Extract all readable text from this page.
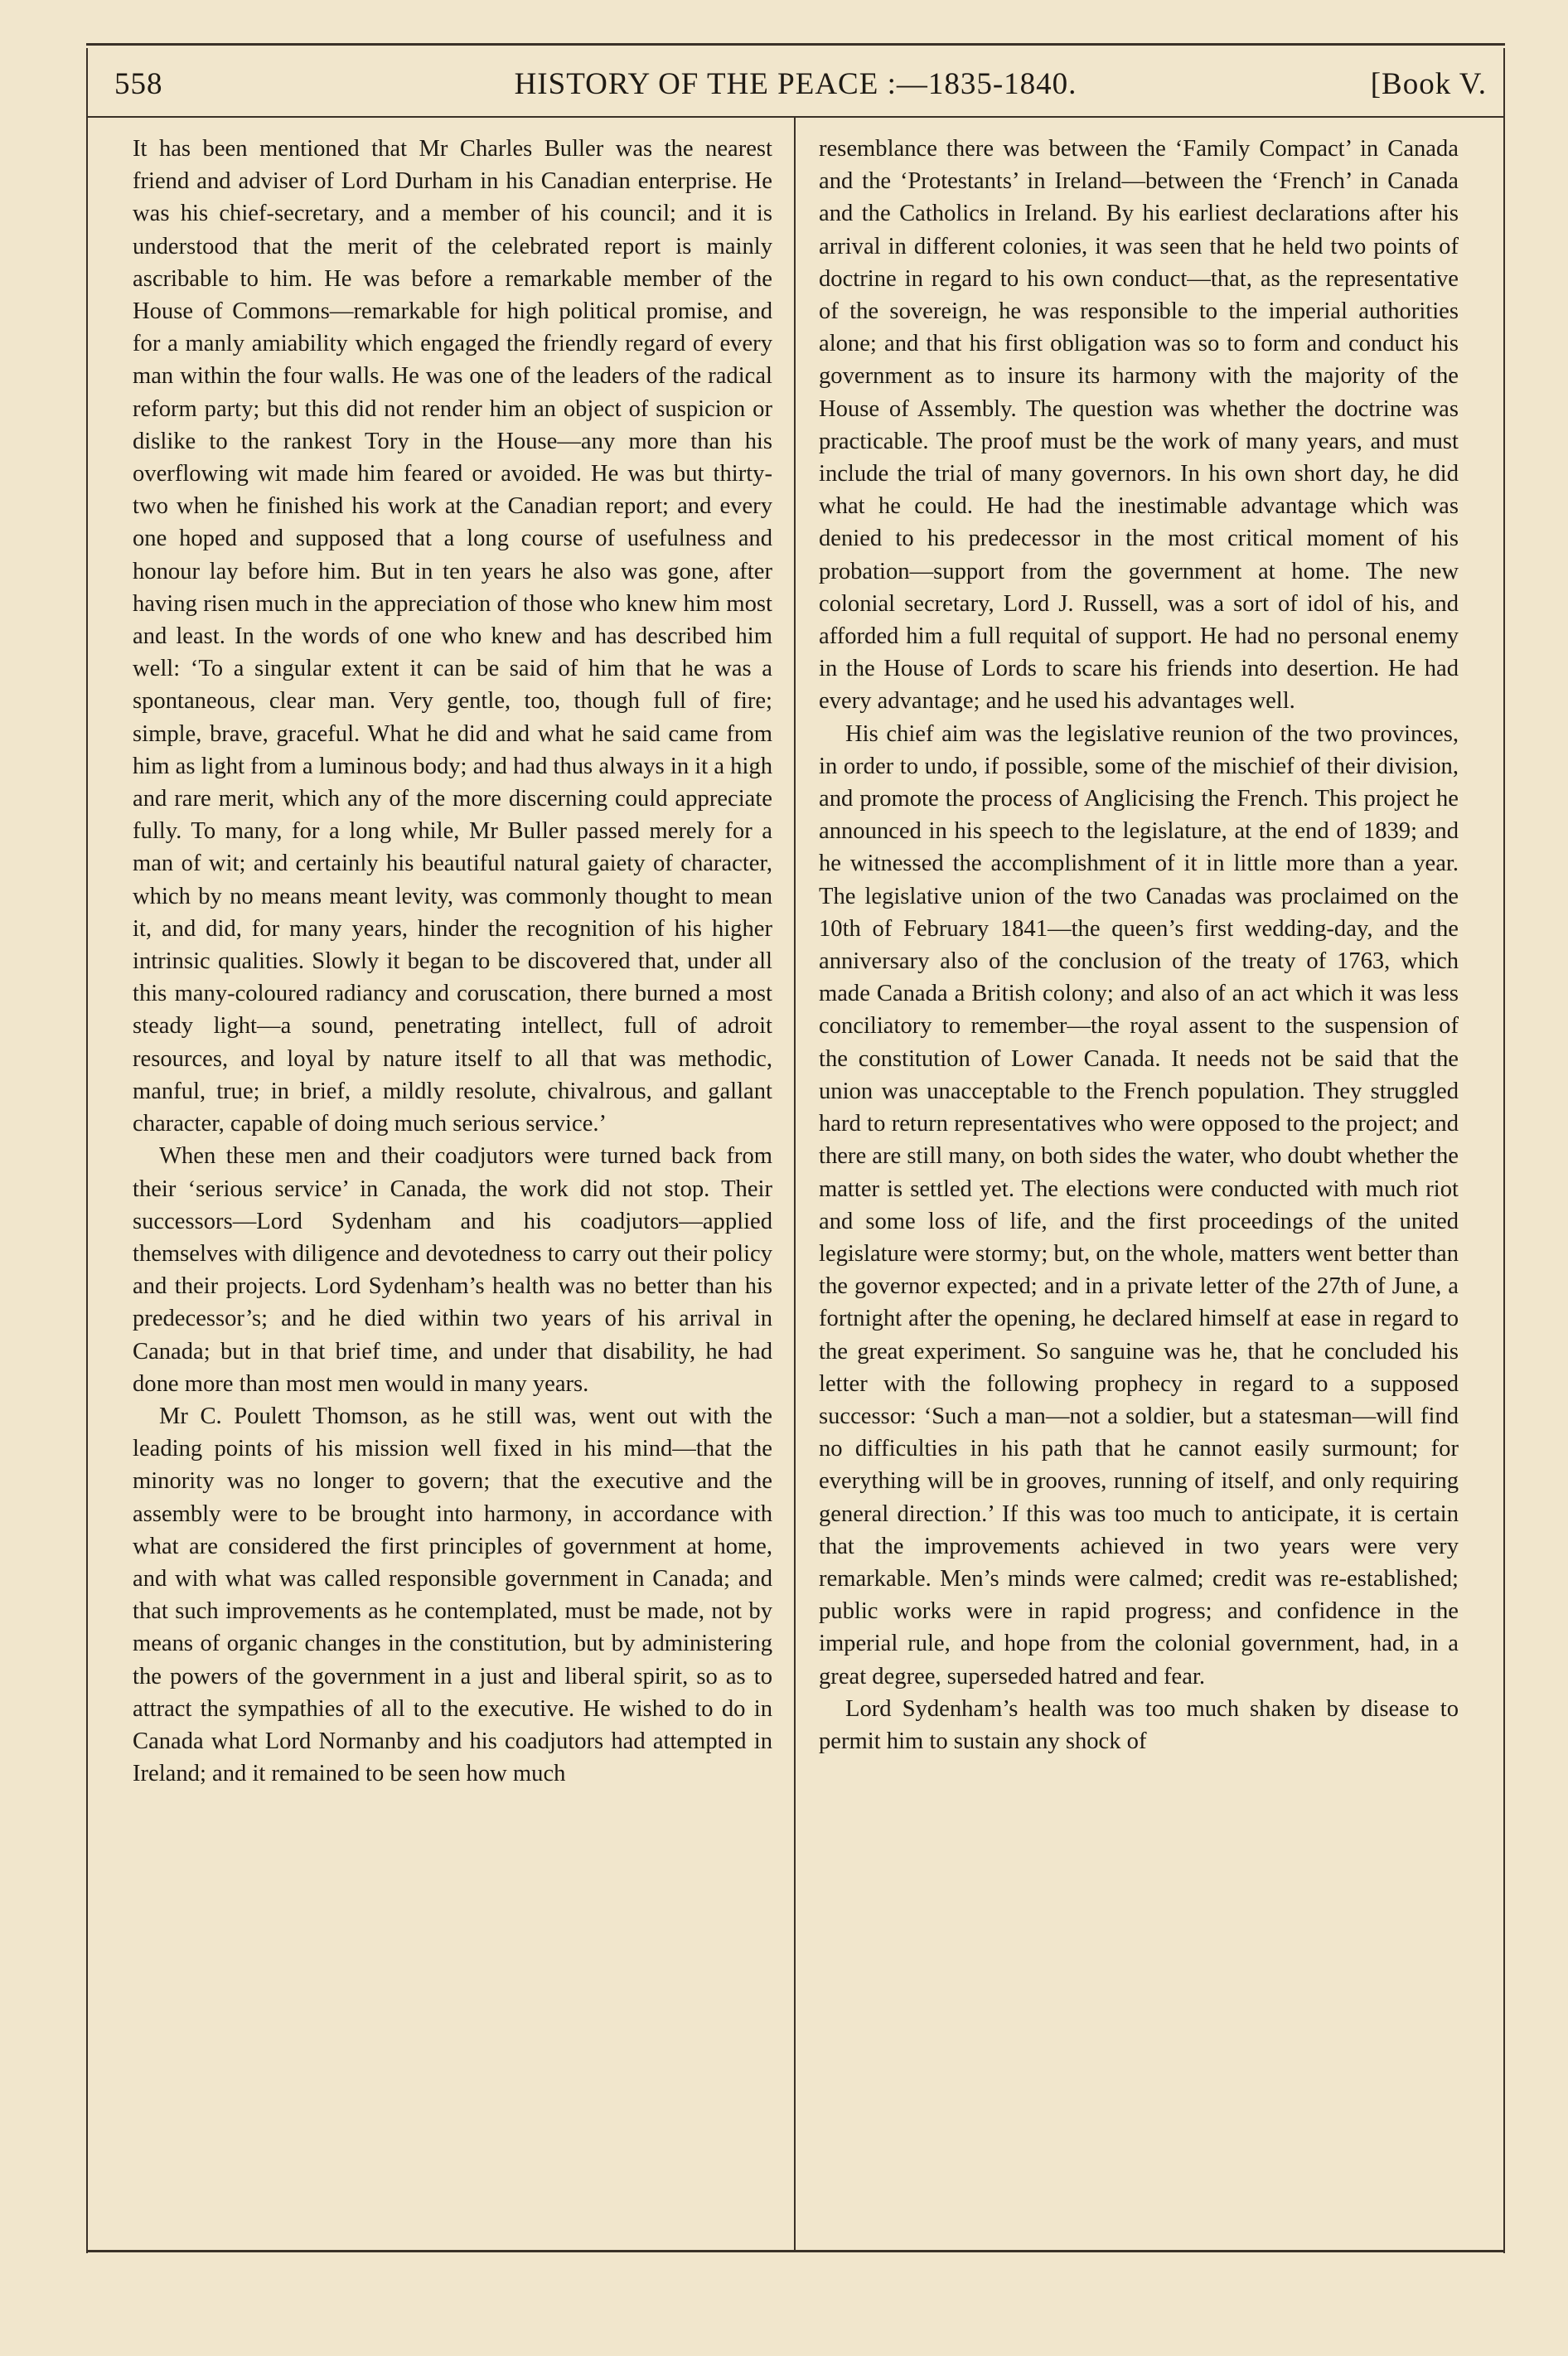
558	HISTORY OF THE PEACE :—1835-1840.	[Book V.

It has been mentioned that Mr Charles Buller was the nearest friend and adviser of Lord Durham in his Canadian enterprise. He was his chief-secretary, and a member of his council; and it is understood that the merit of the celebrated report is mainly ascribable to him. He was before a remarkable member of the House of Commons—remarkable for high political promise, and for a manly amiability which engaged the friendly regard of every man within the four walls. He was one of the leaders of the radical reform party; but this did not render him an object of suspicion or dislike to the rankest Tory in the House—any more than his overflowing wit made him feared or avoided. He was but thirty-two when he finished his work at the Canadian report; and every one hoped and supposed that a long course of usefulness and honour lay before him. But in ten years he also was gone, after having risen much in the appreciation of those who knew him most and least. In the words of one who knew and has described him well: ‘To a singular extent it can be said of him that he was a spontaneous, clear man. Very gentle, too, though full of fire; simple, brave, graceful. What he did and what he said came from him as light from a luminous body; and had thus always in it a high and rare merit, which any of the more discerning could appreciate fully. To many, for a long while, Mr Buller passed merely for a man of wit; and certainly his beautiful natural gaiety of character, which by no means meant levity, was commonly thought to mean it, and did, for many years, hinder the recognition of his higher intrinsic qualities. Slowly it began to be discovered that, under all this many-coloured radiancy and coruscation, there burned a most steady light—a sound, penetrating intellect, full of adroit resources, and loyal by nature itself to all that was methodic, manful, true; in brief, a mildly resolute, chivalrous, and gallant character, capable of doing much serious service.’

When these men and their coadjutors were turned back from their ‘serious service’ in Canada, the work did not stop. Their successors—Lord Sydenham and his coadjutors—applied themselves with diligence and devotedness to carry out their policy and their projects. Lord Sydenham’s health was no better than his predecessor’s; and he died within two years of his arrival in Canada; but in that brief time, and under that disability, he had done more than most men would in many years.

Mr C. Poulett Thomson, as he still was, went out with the leading points of his mission well fixed in his mind—that the minority was no longer to govern; that the executive and the assembly were to be brought into harmony, in accordance with what are considered the first principles of government at home, and with what was called responsible government in Canada; and that such improvements as he contemplated, must be made, not by means of organic changes in the constitution, but by administering the powers of the government in a just and liberal spirit, so as to attract the sympathies of all to the executive. He wished to do in Canada what Lord Normanby and his coadjutors had attempted in Ireland; and it remained to be seen how much

resemblance there was between the ‘Family Compact’ in Canada and the ‘Protestants’ in Ireland—between the ‘French’ in Canada and the Catholics in Ireland. By his earliest declarations after his arrival in different colonies, it was seen that he held two points of doctrine in regard to his own conduct—that, as the representative of the sovereign, he was responsible to the imperial authorities alone; and that his first obligation was so to form and conduct his government as to insure its harmony with the majority of the House of Assembly. The question was whether the doctrine was practicable. The proof must be the work of many years, and must include the trial of many governors. In his own short day, he did what he could. He had the inestimable advantage which was denied to his predecessor in the most critical moment of his probation—support from the government at home. The new colonial secretary, Lord J. Russell, was a sort of idol of his, and afforded him a full requital of support. He had no personal enemy in the House of Lords to scare his friends into desertion. He had every advantage; and he used his advantages well.

His chief aim was the legislative reunion of the two provinces, in order to undo, if possible, some of the mischief of their division, and promote the process of Anglicising the French. This project he announced in his speech to the legislature, at the end of 1839; and he witnessed the accomplishment of it in little more than a year. The legislative union of the two Canadas was proclaimed on the 10th of February 1841—the queen’s first wedding-day, and the anniversary also of the conclusion of the treaty of 1763, which made Canada a British colony; and also of an act which it was less conciliatory to remember—the royal assent to the suspension of the constitution of Lower Canada. It needs not be said that the union was unacceptable to the French population. They struggled hard to return representatives who were opposed to the project; and there are still many, on both sides the water, who doubt whether the matter is settled yet. The elections were conducted with much riot and some loss of life, and the first proceedings of the united legislature were stormy; but, on the whole, matters went better than the governor expected; and in a private letter of the 27th of June, a fortnight after the opening, he declared himself at ease in regard to the great experiment. So sanguine was he, that he concluded his letter with the following prophecy in regard to a supposed successor: ‘Such a man—not a soldier, but a statesman—will find no difficulties in his path that he cannot easily surmount; for everything will be in grooves, running of itself, and only requiring general direction.’ If this was too much to anticipate, it is certain that the improvements achieved in two years were very remarkable. Men’s minds were calmed; credit was re-established; public works were in rapid progress; and confidence in the imperial rule, and hope from the colonial government, had, in a great degree, superseded hatred and fear.

Lord Sydenham’s health was too much shaken by disease to permit him to sustain any shock of
